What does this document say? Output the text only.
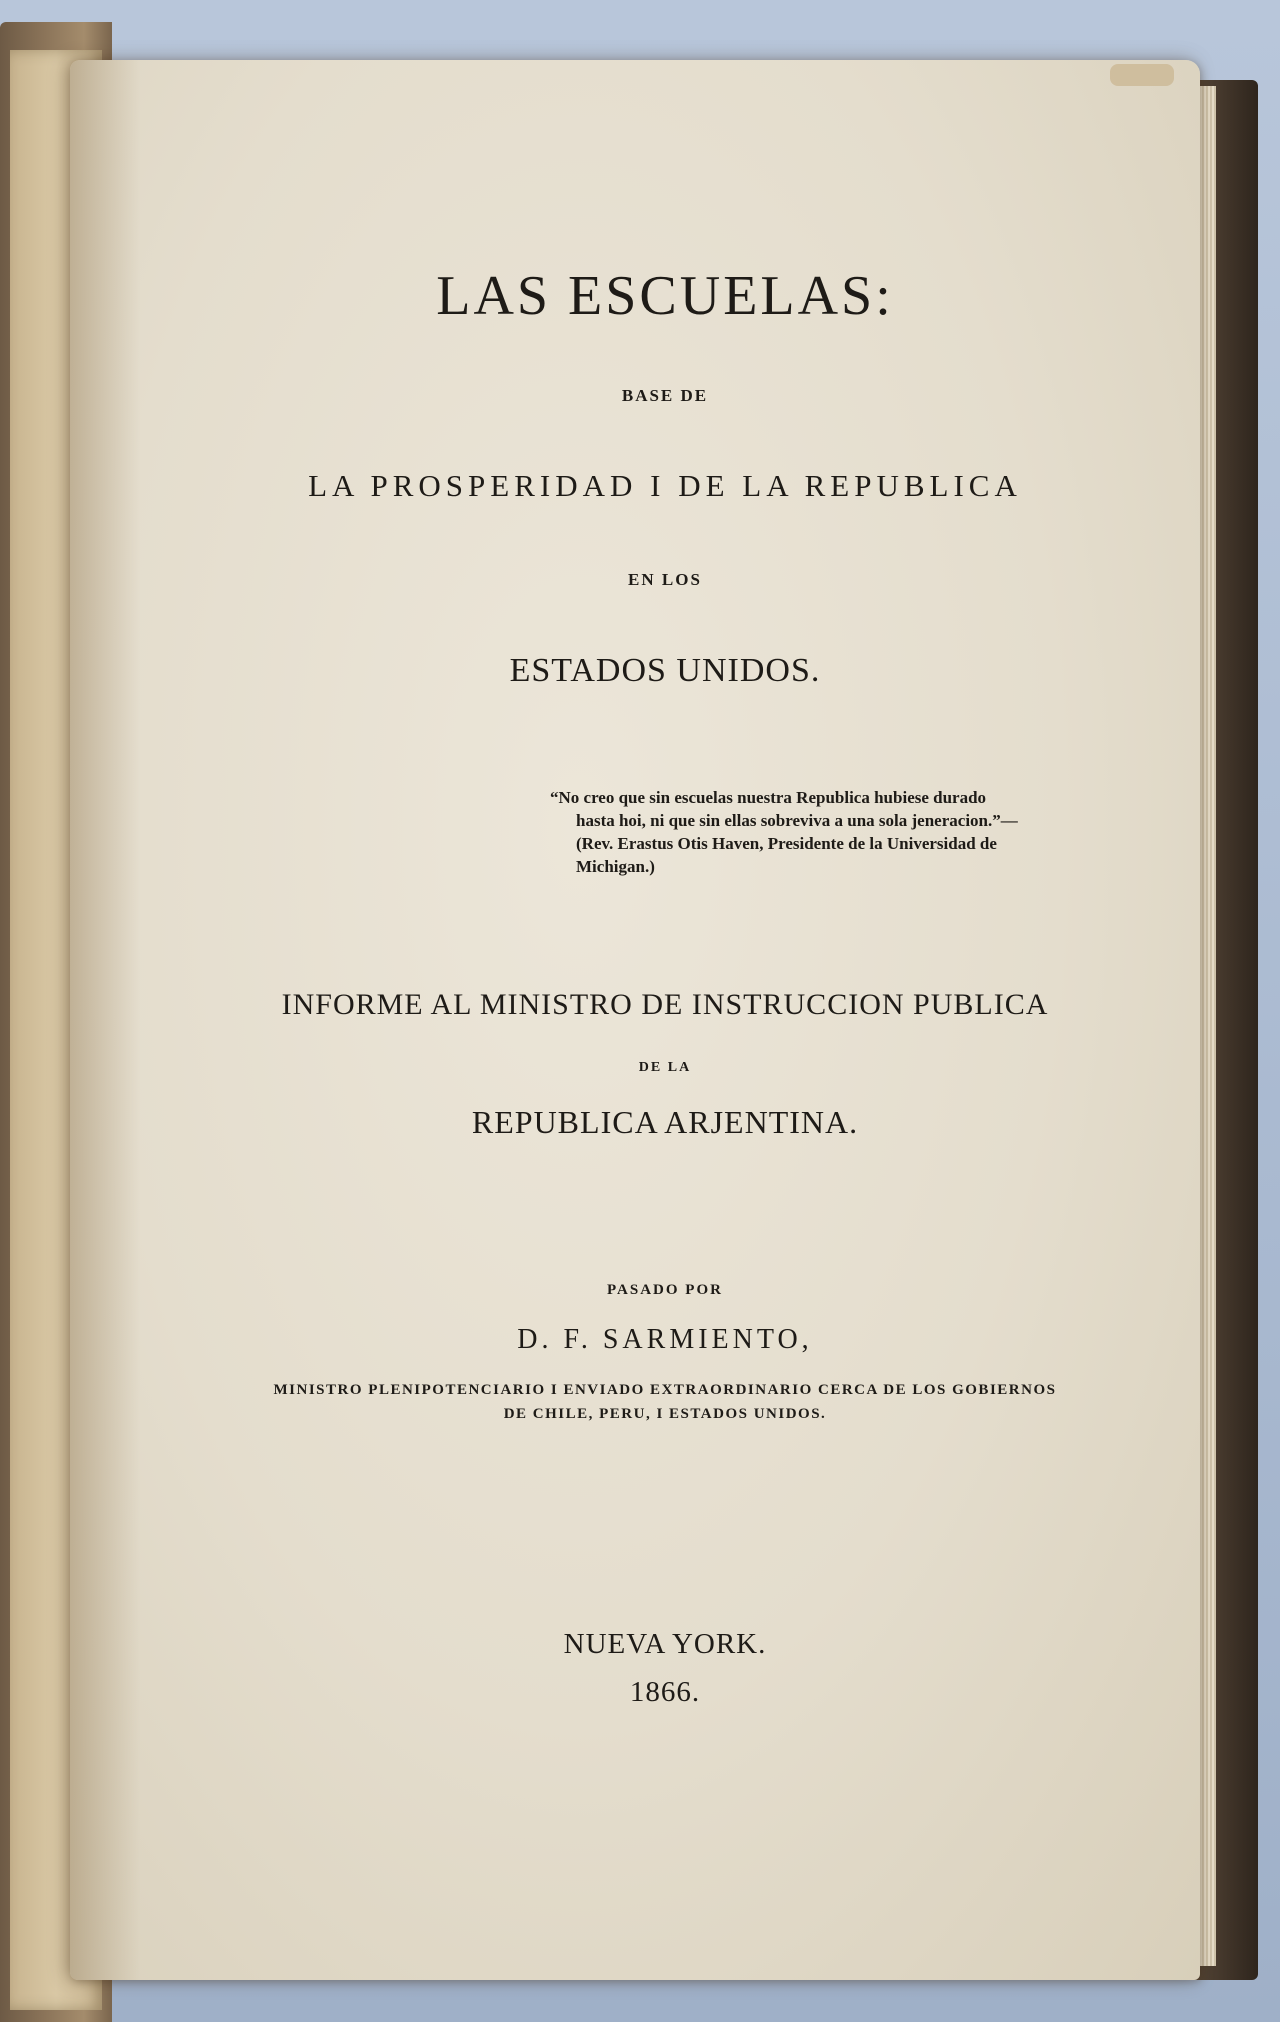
LAS ESCUELAS:
BASE DE
LA PROSPERIDAD I DE LA REPUBLICA
EN LOS
ESTADOS UNIDOS.
“No creo que sin escuelas nuestra Republica hubiese durado
hasta hoi, ni que sin ellas sobreviva a una sola jeneracion.”—(Rev. Erastus Otis Haven, Presidente de la Universidad de Michigan.)
INFORME AL MINISTRO DE INSTRUCCION PUBLICA
DE LA
REPUBLICA ARJENTINA.
PASADO POR
D. F. SARMIENTO,
MINISTRO PLENIPOTENCIARIO I ENVIADO EXTRAORDINARIO CERCA DE LOS GOBIERNOS
DE CHILE, PERU, I ESTADOS UNIDOS.
NUEVA YORK.
1866.
